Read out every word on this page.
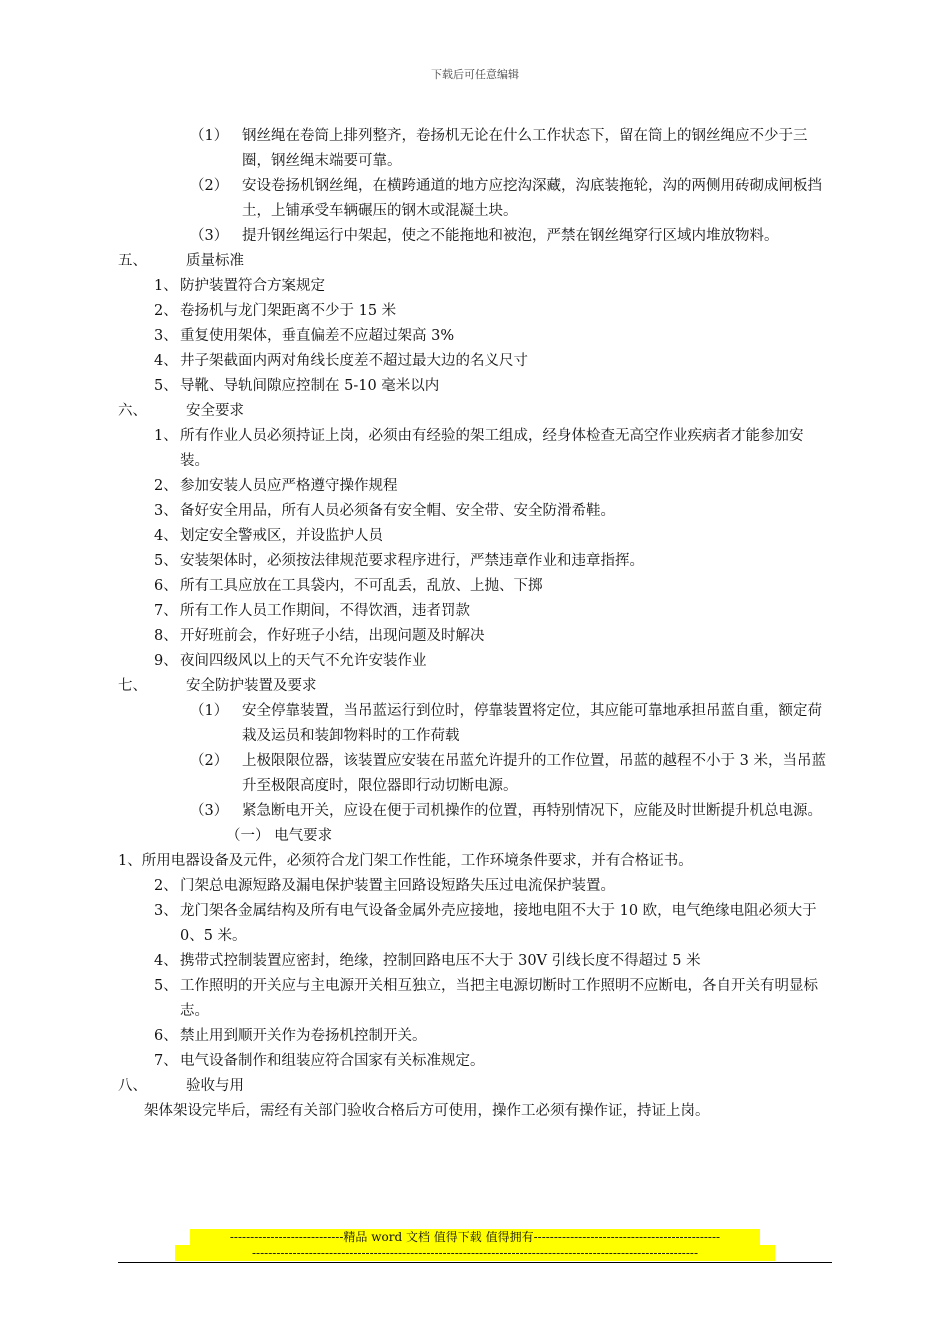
下载后可任意编辑
（1） 钢丝绳在卷筒上排列整齐，卷扬机无论在什么工作状态下，留在筒上的钢丝绳应不少于三圈，钢丝绳末端要可靠。
（2） 安设卷扬机钢丝绳，在横跨通道的地方应挖沟深藏，沟底装拖轮，沟的两侧用砖砌成闸板挡土，上铺承受车辆碾压的钢木或混凝土块。
（3） 提升钢丝绳运行中架起，使之不能拖地和被泡，严禁在钢丝绳穿行区域内堆放物料。
五、	质量标准
1、 防护装置符合方案规定
2、 卷扬机与龙门架距离不少于 15 米
3、 重复使用架体，垂直偏差不应超过架高 3%
4、 井子架截面内两对角线长度差不超过最大边的名义尺寸
5、 导靴、导轨间隙应控制在 5-10 毫米以内
六、	安全要求
1、 所有作业人员必须持证上岗，必须由有经验的架工组成，经身体检查无高空作业疾病者才能参加安装。
2、 参加安装人员应严格遵守操作规程
3、 备好安全用品，所有人员必须备有安全帽、安全带、安全防滑希鞋。
4、 划定安全警戒区，并设监护人员
5、 安装架体时，必须按法律规范要求程序进行，严禁违章作业和违章指挥。
6、 所有工具应放在工具袋内，不可乱丢，乱放、上抛、下掷
7、 所有工作人员工作期间，不得饮酒，违者罚款
8、 开好班前会，作好班子小结，出现问题及时解决
9、 夜间四级风以上的天气不允许安装作业
七、	安全防护装置及要求
（1） 安全停靠装置，当吊蓝运行到位时，停靠装置将定位，其应能可靠地承担吊蓝自重，额定荷栽及运员和装卸物料时的工作荷载
（2） 上极限限位器，该装置应安装在吊蓝允许提升的工作位置，吊蓝的越程不小于 3 米，当吊蓝升至极限高度时，限位器即行动切断电源。
（3） 紧急断电开关，应设在便于司机操作的位置，再特别情况下，应能及时世断提升机总电源。
（一） 电气要求
1、所用电器设备及元件，必须符合龙门架工作性能，工作环境条件要求，并有合格证书。
2、 门架总电源短路及漏电保护装置主回路设短路失压过电流保护装置。
3、 龙门架各金属结构及所有电气设备金属外壳应接地，接地电阻不大于 10 欧，电气绝缘电阻必须大于 0、5 米。
4、 携带式控制装置应密封，绝缘，控制回路电压不大于 30V 引线长度不得超过 5 米
5、 工作照明的开关应与主电源开关相互独立，当把主电源切断时工作照明不应断电，各自开关有明显标志。
6、 禁止用到顺开关作为卷扬机控制开关。
7、 电气设备制作和组装应符合国家有关标准规定。
八、	验收与用
架体架设完毕后，需经有关部门验收合格后方可使用，操作工必须有操作证，持证上岗。
----------------------------精品 word 文档 值得下载 值得拥有----------------------------------------------
--------------------------------------------------------------------------------------------------------------
